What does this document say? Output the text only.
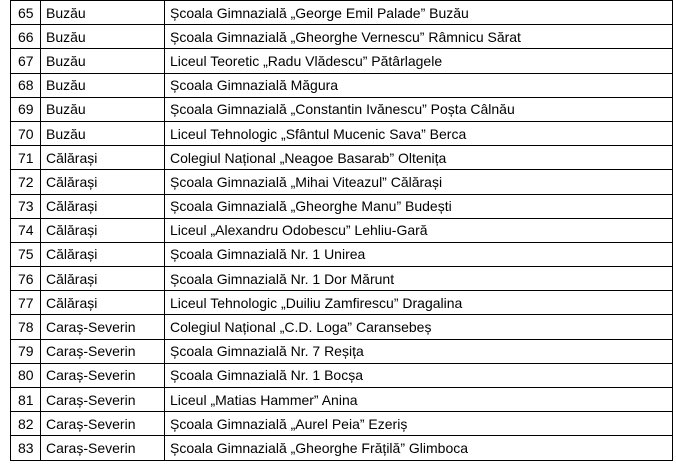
65	Buzău	Școala Gimnazială „George Emil Palade” Buzău
66	Buzău	Școala Gimnazială „Gheorghe Vernescu” Râmnicu Sărat
67	Buzău	Liceul Teoretic „Radu Vlădescu” Pătârlagele
68	Buzău	Școala Gimnazială Măgura
69	Buzău	Școala Gimnazială „Constantin Ivănescu” Poșta Câlnău
70	Buzău	Liceul Tehnologic „Sfântul Mucenic Sava” Berca
71	Călărași	Colegiul Național „Neagoe Basarab” Oltenița
72	Călărași	Școala Gimnazială „Mihai Viteazul” Călărași
73	Călărași	Școala Gimnazială „Gheorghe Manu” Budești
74	Călărași	Liceul „Alexandru Odobescu” Lehliu-Gară
75	Călărași	Școala Gimnazială Nr. 1 Unirea
76	Călărași	Școala Gimnazială Nr. 1 Dor Mărunt
77	Călărași	Liceul Tehnologic „Duiliu Zamfirescu” Dragalina
78	Caraș-Severin	Colegiul Național „C.D. Loga” Caransebeș
79	Caraș-Severin	Școala Gimnazială Nr. 7 Reșița
80	Caraș-Severin	Școala Gimnazială Nr. 1 Bocșa
81	Caraș-Severin	Liceul „Matias Hammer” Anina
82	Caraș-Severin	Școala Gimnazială „Aurel Peia” Ezeriș
83	Caraș-Severin	Școala Gimnazială „Gheorghe Frățilă” Glimboca
